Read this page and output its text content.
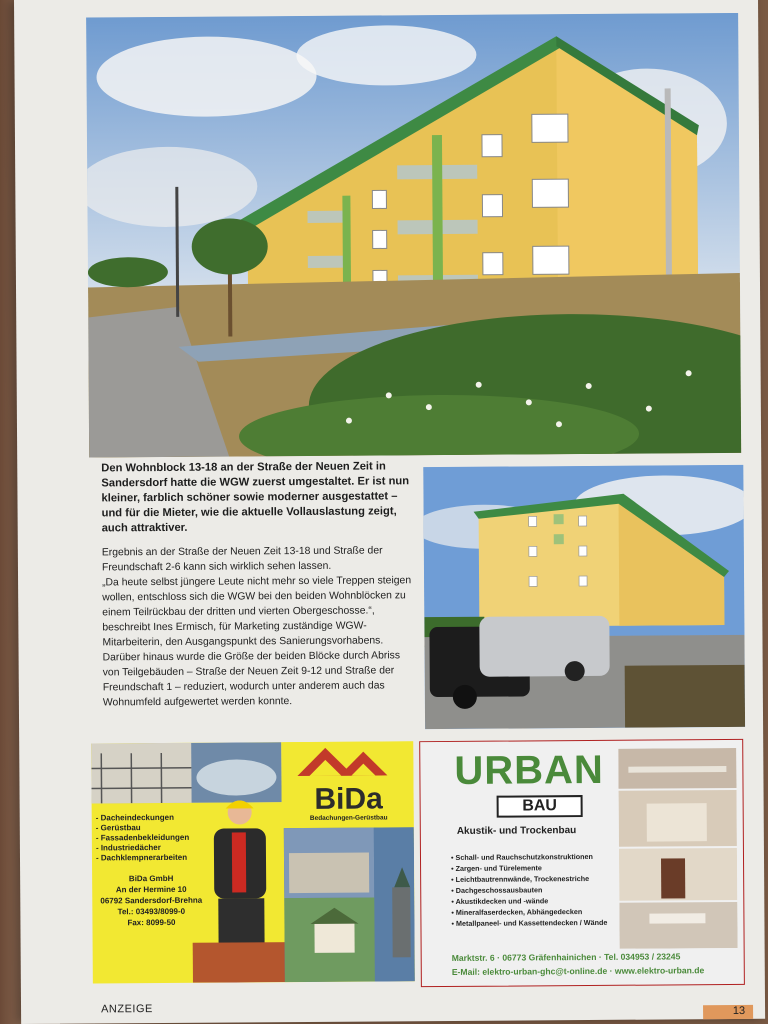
Den Wohnblock 13-18 an der Straße der Neuen Zeit in Sandersdorf hatte die WGW zuerst umgestaltet. Er ist nun kleiner, farblich schöner sowie moderner ausgestattet – und für die Mieter, wie die aktuelle Vollauslastung zeigt, auch attraktiver.

Ergebnis an der Straße der Neuen Zeit 13-18 und Straße der Freundschaft 2-6 kann sich wirklich sehen lassen.

„Da heute selbst jüngere Leute nicht mehr so viele Treppen steigen wollen, entschloss sich die WGW bei den beiden Wohnblöcken zu einem Teilrückbau der dritten und vierten Obergeschosse.“, beschreibt Ines Ermisch, für Marketing zuständige WGW-Mitarbeiterin, den Ausgangspunkt des Sanierungsvorhabens.

Darüber hinaus wurde die Größe der beiden Blöcke durch Abriss von Teilgebäuden – Straße der Neuen Zeit 9-12 und Straße der Freundschaft 1 – reduziert, wodurch unter anderem auch das Wohnumfeld aufgewertet werden konnte.

BiDa
Bedachungen-Gerüstbau
- Dacheindeckungen
- Gerüstbau
- Fassadenbekleidungen
- Industriedächer
- Dachklempnerarbeiten
BiDa GmbH
An der Hermine 10
06792 Sandersdorf-Brehna
Tel.: 03493/8099-0
Fax: 8099-50
URBAN
BAU
Akustik- und Trockenbau
• Schall- und Rauchschutzkonstruktionen
• Zargen- und Türelemente
• Leichtbautrennwände, Trockenestriche
• Dachgeschossausbauten
• Akustikdecken und -wände
• Mineralfaserdecken, Abhängedecken
• Metallpaneel- und Kassettendecken / Wände
Marktstr. 6 · 06773 Gräfenhainichen · Tel. 034953 / 23245
E-Mail: elektro-urban-ghc@t-online.de · www.elektro-urban.de
ANZEIGE	13
